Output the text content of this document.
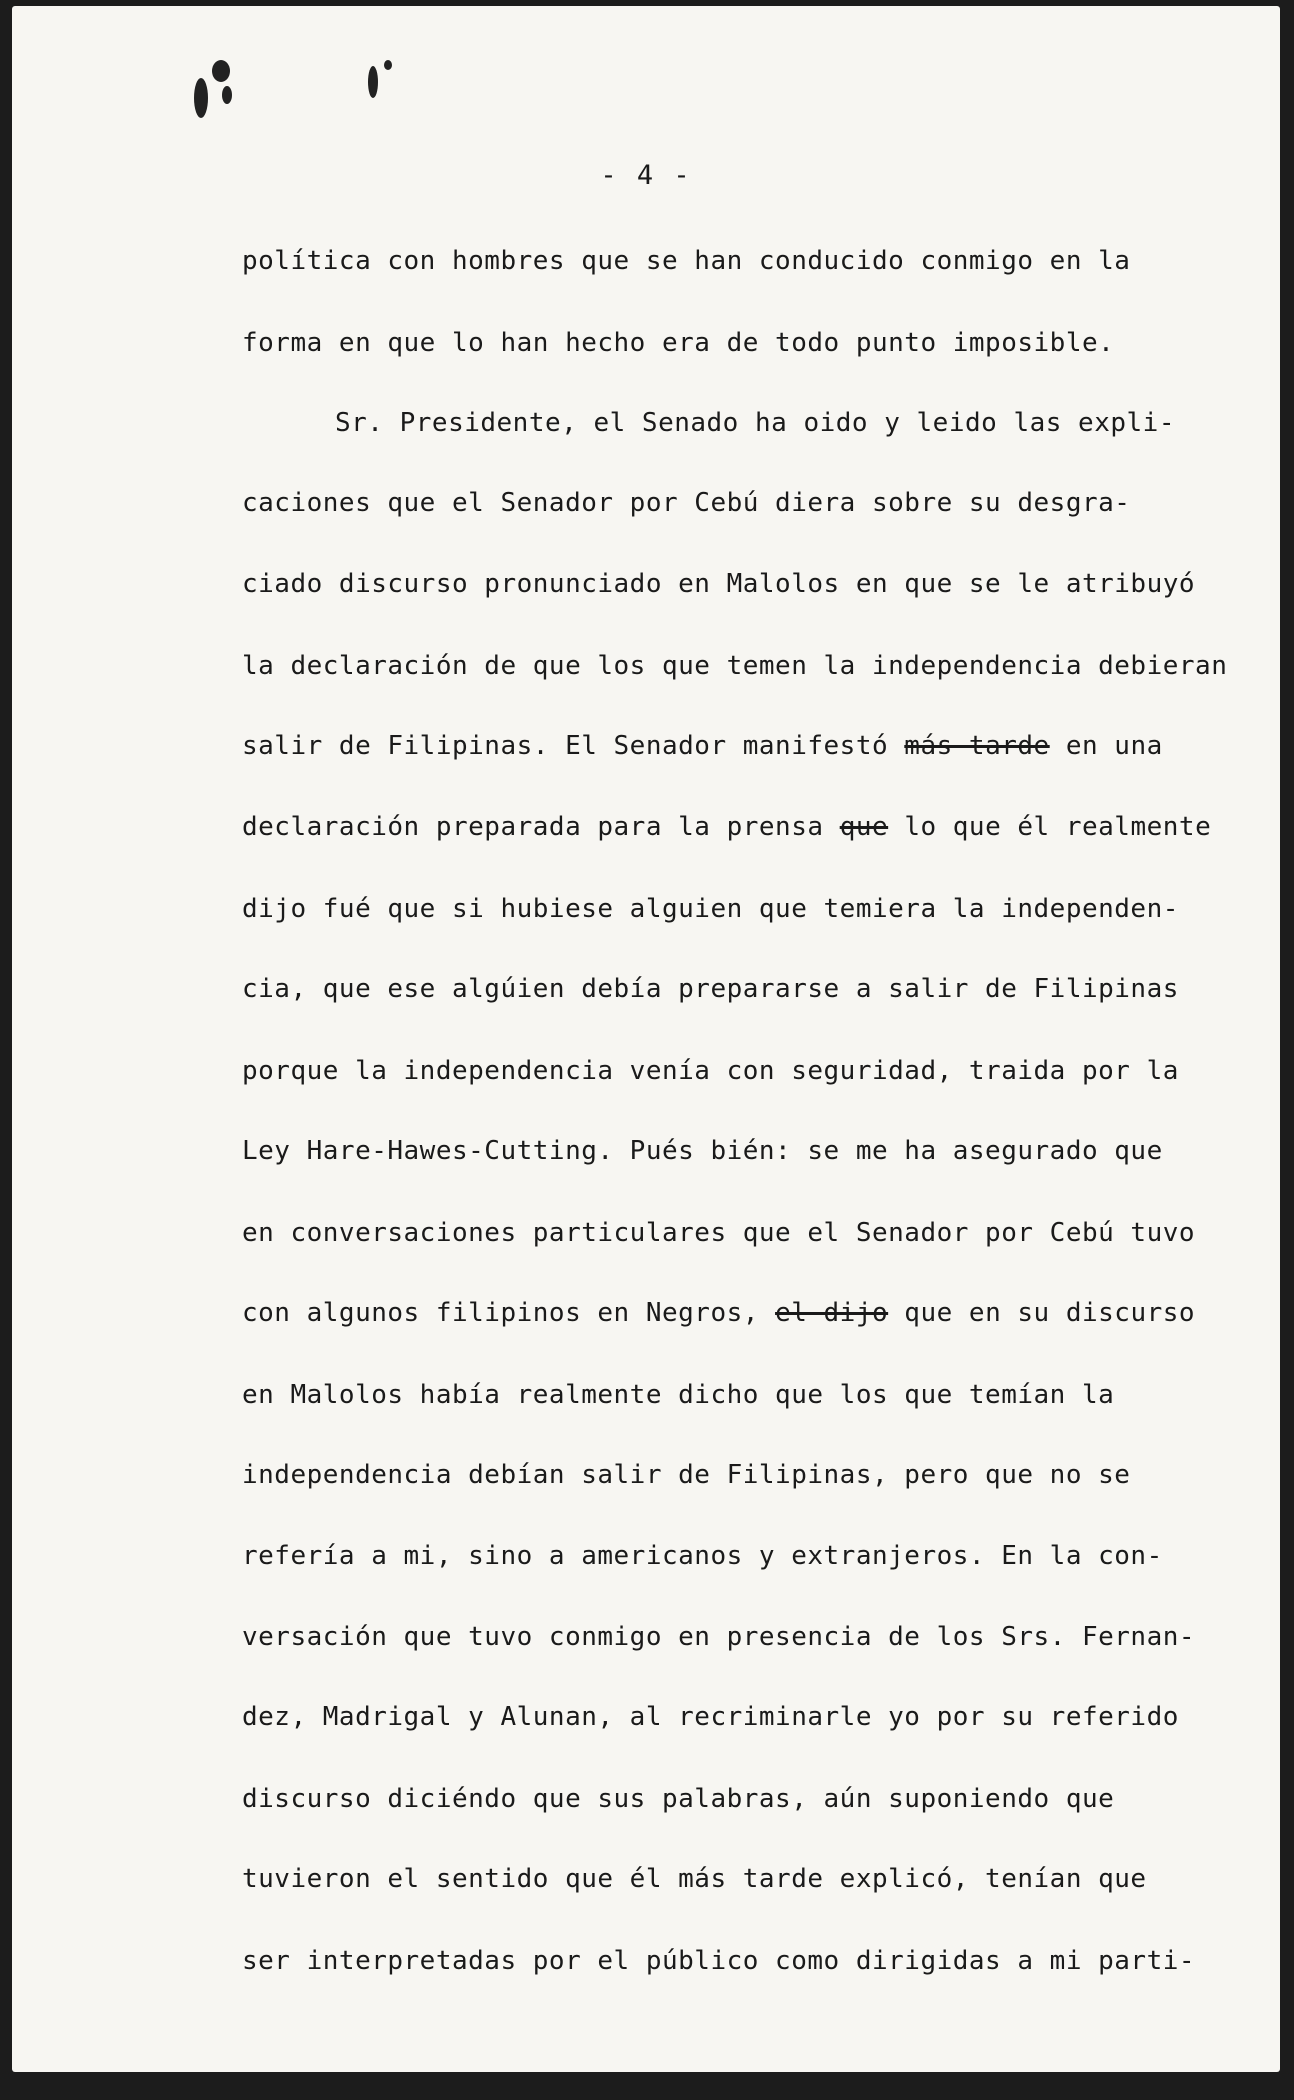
- 4 -
política con hombres que se han conducido conmigo en la
forma en que lo han hecho era de todo punto imposible.
Sr. Presidente, el Senado ha oido y leido las expli-
caciones que el Senador por Cebú diera sobre su desgra-
ciado discurso pronunciado en Malolos en que se le atribuyó
la declaración de que los que temen la independencia debieran
salir de Filipinas. El Senador manifestó más tarde en una
declaración preparada para la prensa que lo que él realmente
dijo fué que si hubiese alguien que temiera la independen-
cia, que ese algúien debía prepararse a salir de Filipinas
porque la independencia venía con seguridad, traida por la
Ley Hare-Hawes-Cutting. Pués bién: se me ha asegurado que
en conversaciones particulares que el Senador por Cebú tuvo
con algunos filipinos en Negros, el dijo que en su discurso
en Malolos había realmente dicho que los que temían la
independencia debían salir de Filipinas, pero que no se
refería a mi, sino a americanos y extranjeros. En la con-
versación que tuvo conmigo en presencia de los Srs. Fernan-
dez, Madrigal y Alunan, al recriminarle yo por su referido
discurso diciéndo que sus palabras, aún suponiendo que
tuvieron el sentido que él más tarde explicó, tenían que
ser interpretadas por el público como dirigidas a mi parti-
